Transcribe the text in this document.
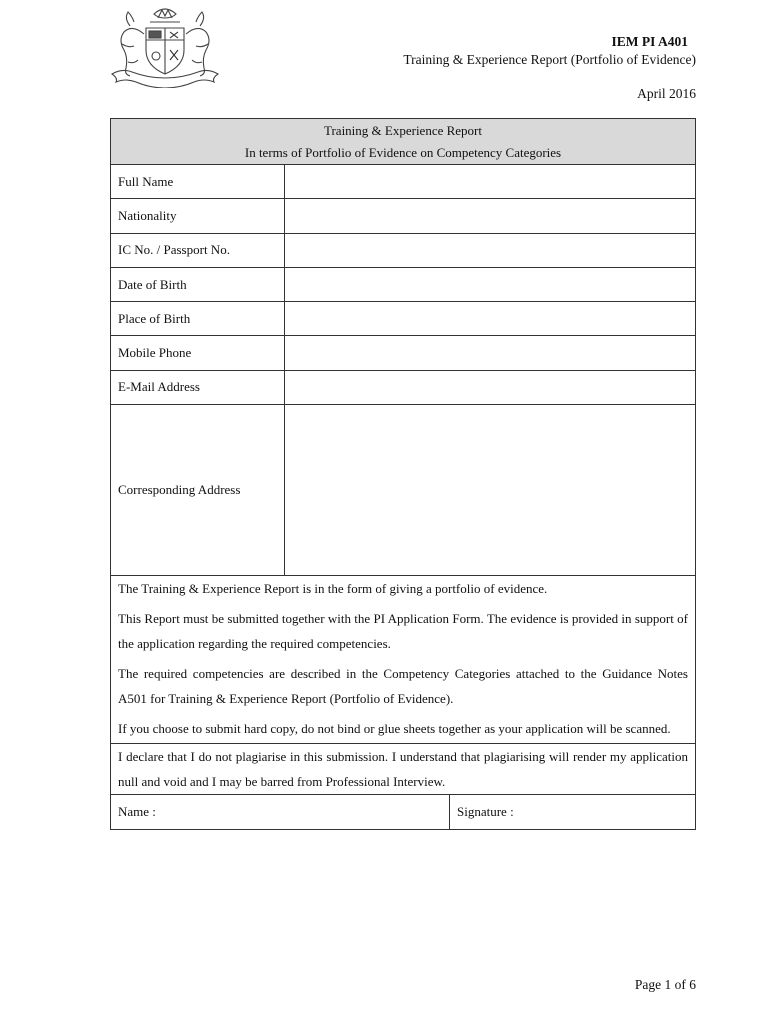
IEM PI A401
Training & Experience Report (Portfolio of Evidence)
April 2016
Training & Experience Report
In terms of Portfolio of Evidence on Competency Categories	

Full Name	
Nationality	
IC No. / Passport No.	
Date of Birth	
Place of Birth	
Mobile Phone	
E-Mail Address	
Corresponding Address	

The Training & Experience Report is in the form of giving a portfolio of evidence.

This Report must be submitted together with the PI Application Form. The evidence is provided in support of the application regarding the required competencies.

The required competencies are described in the Competency Categories attached to the Guidance Notes A501 for Training & Experience Report (Portfolio of Evidence).

If you choose to submit hard copy, do not bind or glue sheets together as your application will be scanned.	

I declare that I do not plagiarise in this submission. I understand that plagiarising will render my application null and void and I may be barred from Professional Interview.	

Name : Signature :	
Page 1 of 6
